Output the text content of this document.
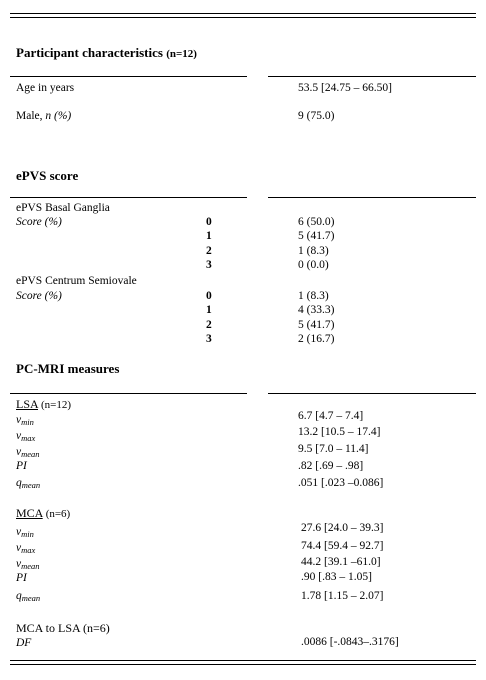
Participant characteristics (n=12)
Age in years	53.5 [24.75 – 66.50]
Male, n (%)	9 (75.0)
ePVS score
ePVS Basal Ganglia
Score (%)	0	6 (50.0)
1	5 (41.7)
2	1 (8.3)
3	0 (0.0)
ePVS Centrum Semiovale
Score (%)	0	1 (8.3)
1	4 (33.3)
2	5 (41.7)
3	2 (16.7)
PC-MRI measures
LSA (n=12)
$v_{min}$	6.7 [4.7 – 7.4]
$v_{max}$	13.2 [10.5 – 17.4]
$v_{mean}$	9.5 [7.0 – 11.4]
PI	.82 [.69 – .98]
$q_{mean}$	.051 [.023 –0.086]
MCA (n=6)
$v_{min}$	27.6 [24.0 – 39.3]
$v_{max}$	74.4 [59.4 – 92.7]
$v_{mean}$	44.2 [39.1 –61.0]
PI	.90 [.83 – 1.05]
$q_{mean}$	1.78 [1.15 – 2.07]
MCA to LSA (n=6)
DF	.0086 [-.0843–.3176]
